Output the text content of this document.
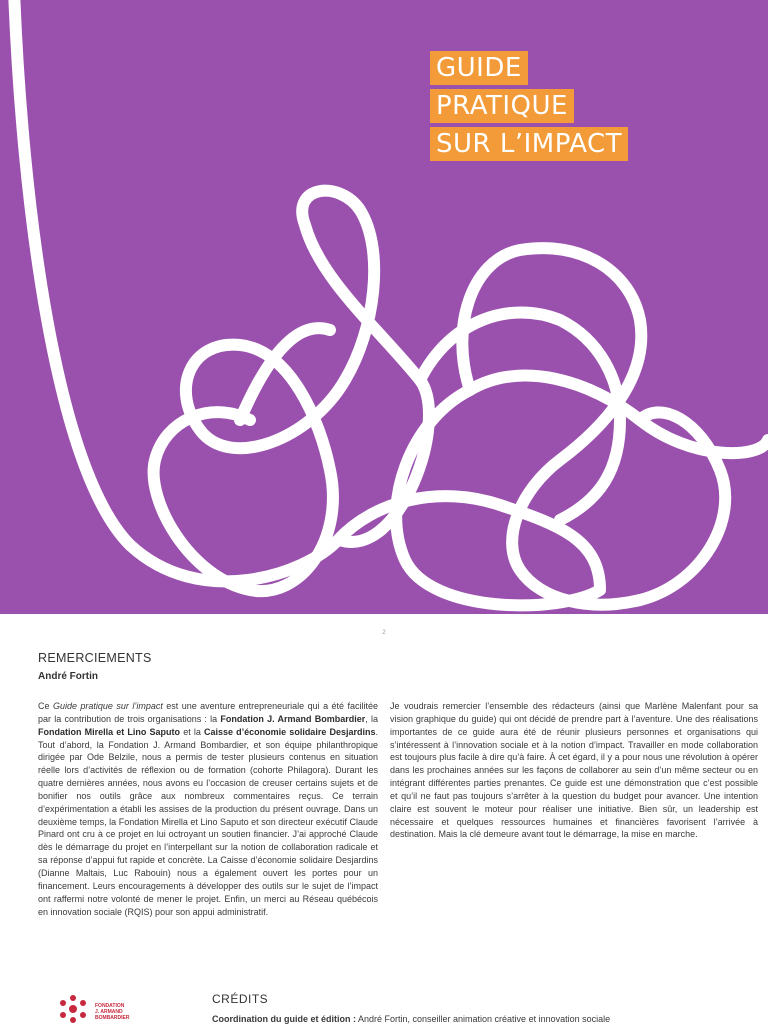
GUIDE
PRATIQUE
SUR L’IMPACT
2
REMERCIEMENTS
André Fortin
Ce Guide pratique sur l’impact est une aventure entrepreneuriale qui a été facilitée par la contribution de trois organisations : la Fondation J. Armand Bombardier, la Fondation Mirella et Lino Saputo et la Caisse d’économie solidaire Desjardins. Tout d’abord, la Fondation J. Armand Bombardier, et son équipe philanthropique dirigée par Ode Belzile, nous a permis de tester plusieurs contenus en situation réelle lors d’activités de réflexion ou de formation (cohorte Philagora). Durant les quatre dernières années, nous avons eu l’occasion de creuser certains sujets et de bonifier nos outils grâce aux nombreux commentaires reçus. Ce terrain d’expérimentation a établi les assises de la production du présent ouvrage. Dans un deuxième temps, la Fondation Mirella et Lino Saputo et son directeur exécutif Claude Pinard ont cru à ce projet en lui octroyant un soutien financier. J’ai approché Claude dès le démarrage du projet en l’interpellant sur la notion de collaboration radicale et sa réponse d’appui fut rapide et concrète. La Caisse d’économie solidaire Desjardins (Dianne Maltais, Luc Rabouin) nous a également ouvert les portes pour un financement. Leurs encouragements à développer des outils sur le sujet de l’impact ont raffermi notre volonté de mener le projet. Enfin, un merci au Réseau québécois en innovation sociale (RQIS) pour son appui administratif.
Je voudrais remercier l’ensemble des rédacteurs (ainsi que Marlène Malenfant pour sa vision graphique du guide) qui ont décidé de prendre part à l’aventure. Une des réalisations importantes de ce guide aura été de réunir plusieurs personnes et organisations qui s’intéressent à l’innovation sociale et à la notion d’impact. Travailler en mode collaboration est toujours plus facile à dire qu’à faire. À cet égard, il y a pour nous une révolution à opérer dans les prochaines années sur les façons de collaborer au sein d’un même secteur ou en intégrant différentes parties prenantes. Ce guide est une démonstration que c’est possible et qu’il ne faut pas toujours s’arrêter à la question du budget pour avancer. Une intention claire est souvent le moteur pour réaliser une initiative. Bien sûr, un leadership est nécessaire et quelques ressources humaines et financières favorisent l’arrivée à destination. Mais la clé demeure avant tout le démarrage, la mise en marche.
FONDATION
J. ARMAND
BOMBARDIER
CRÉDITS
Coordination du guide et édition : André Fortin, conseiller animation créative et innovation sociale
